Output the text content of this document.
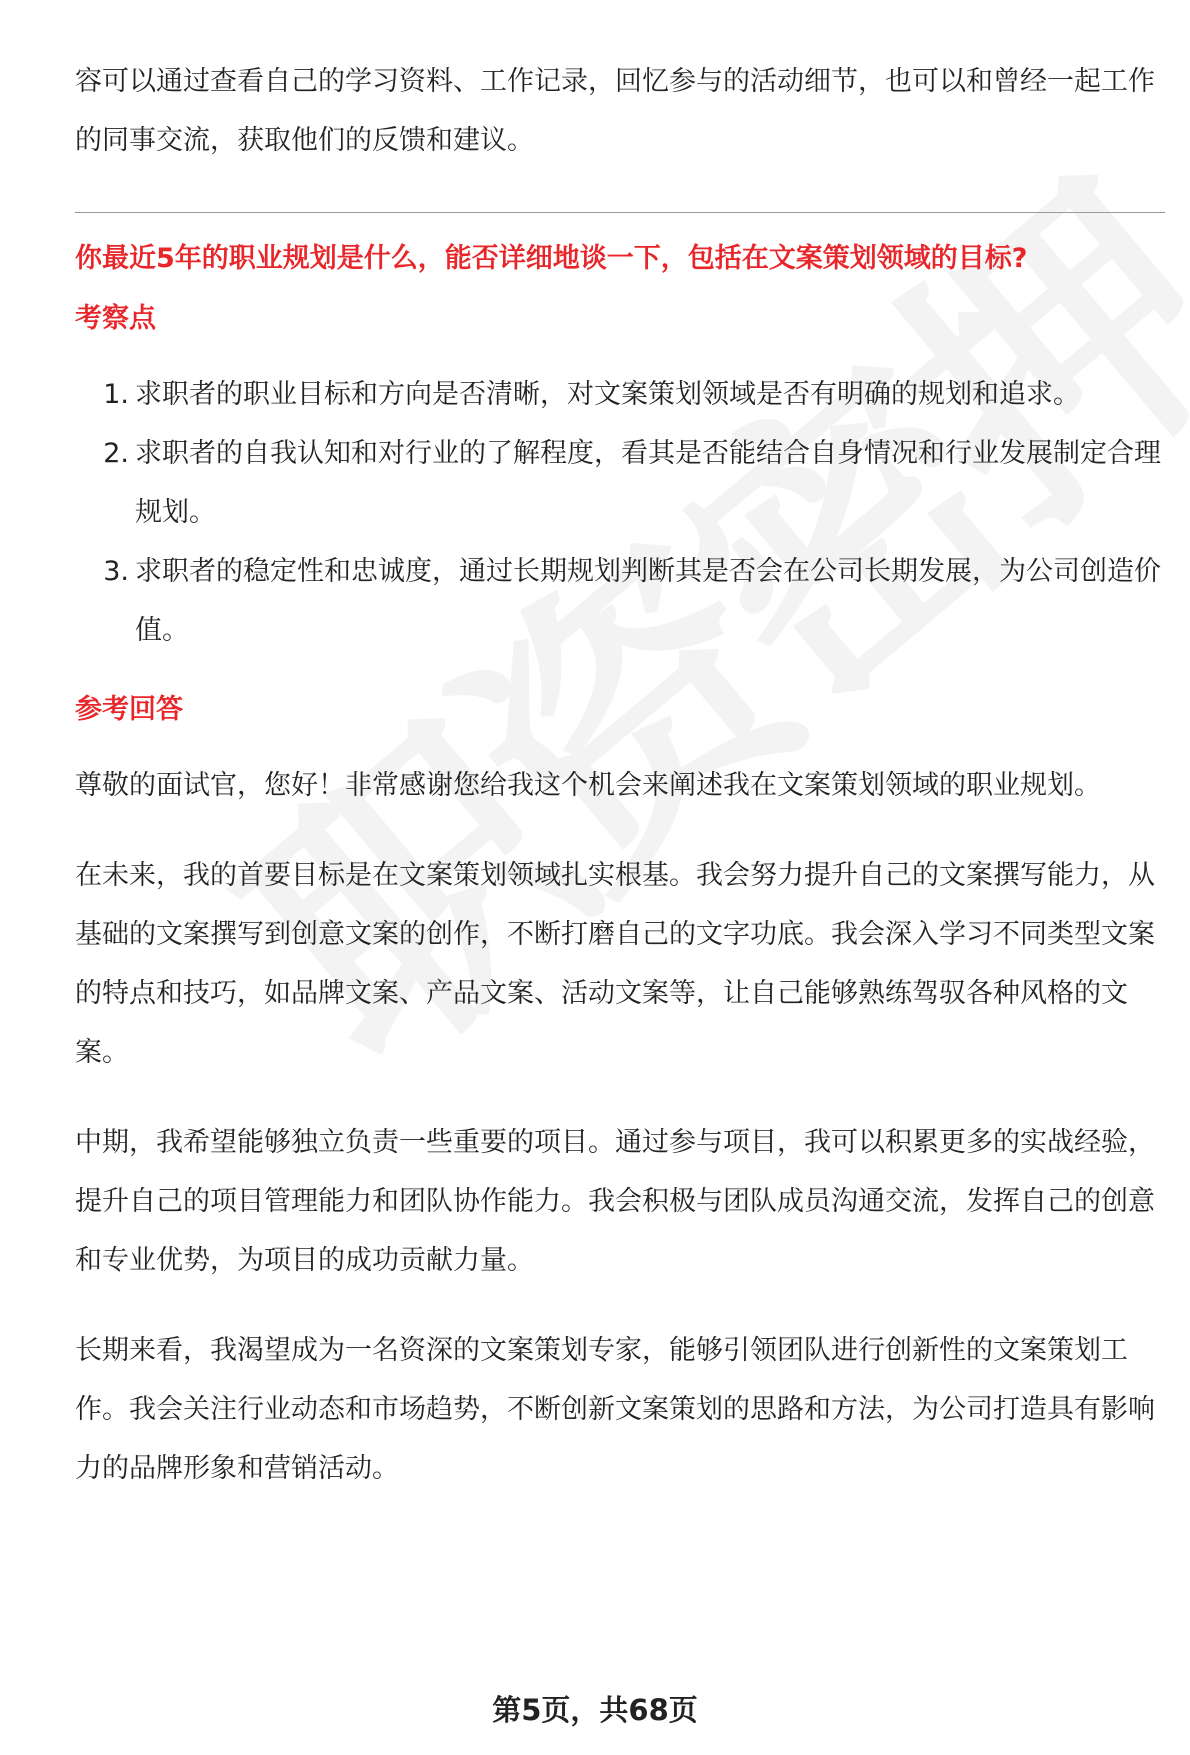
容可以通过查看自己的学习资料、工作记录，回忆参与的活动细节，也可以和曾经一起工作的同事交流，获取他们的反馈和建议。

你最近5年的职业规划是什么，能否详细地谈一下，包括在文案策划领域的目标?

考察点

1. 求职者的职业目标和方向是否清晰，对文案策划领域是否有明确的规划和追求。
2. 求职者的自我认知和对行业的了解程度，看其是否能结合自身情况和行业发展制定合理规划。
3. 求职者的稳定性和忠诚度，通过长期规划判断其是否会在公司长期发展，为公司创造价值。

参考回答

尊敬的面试官，您好！非常感谢您给我这个机会来阐述我在文案策划领域的职业规划。

在未来，我的首要目标是在文案策划领域扎实根基。我会努力提升自己的文案撰写能力，从基础的文案撰写到创意文案的创作，不断打磨自己的文字功底。我会深入学习不同类型文案的特点和技巧，如品牌文案、产品文案、活动文案等，让自己能够熟练驾驭各种风格的文案。

中期，我希望能够独立负责一些重要的项目。通过参与项目，我可以积累更多的实战经验，提升自己的项目管理能力和团队协作能力。我会积极与团队成员沟通交流，发挥自己的创意和专业优势，为项目的成功贡献力量。

长期来看，我渴望成为一名资深的文案策划专家，能够引领团队进行创新性的文案策划工作。我会关注行业动态和市场趋势，不断创新文案策划的思路和方法，为公司打造具有影响力的品牌形象和营销活动。

第5页，共68页
